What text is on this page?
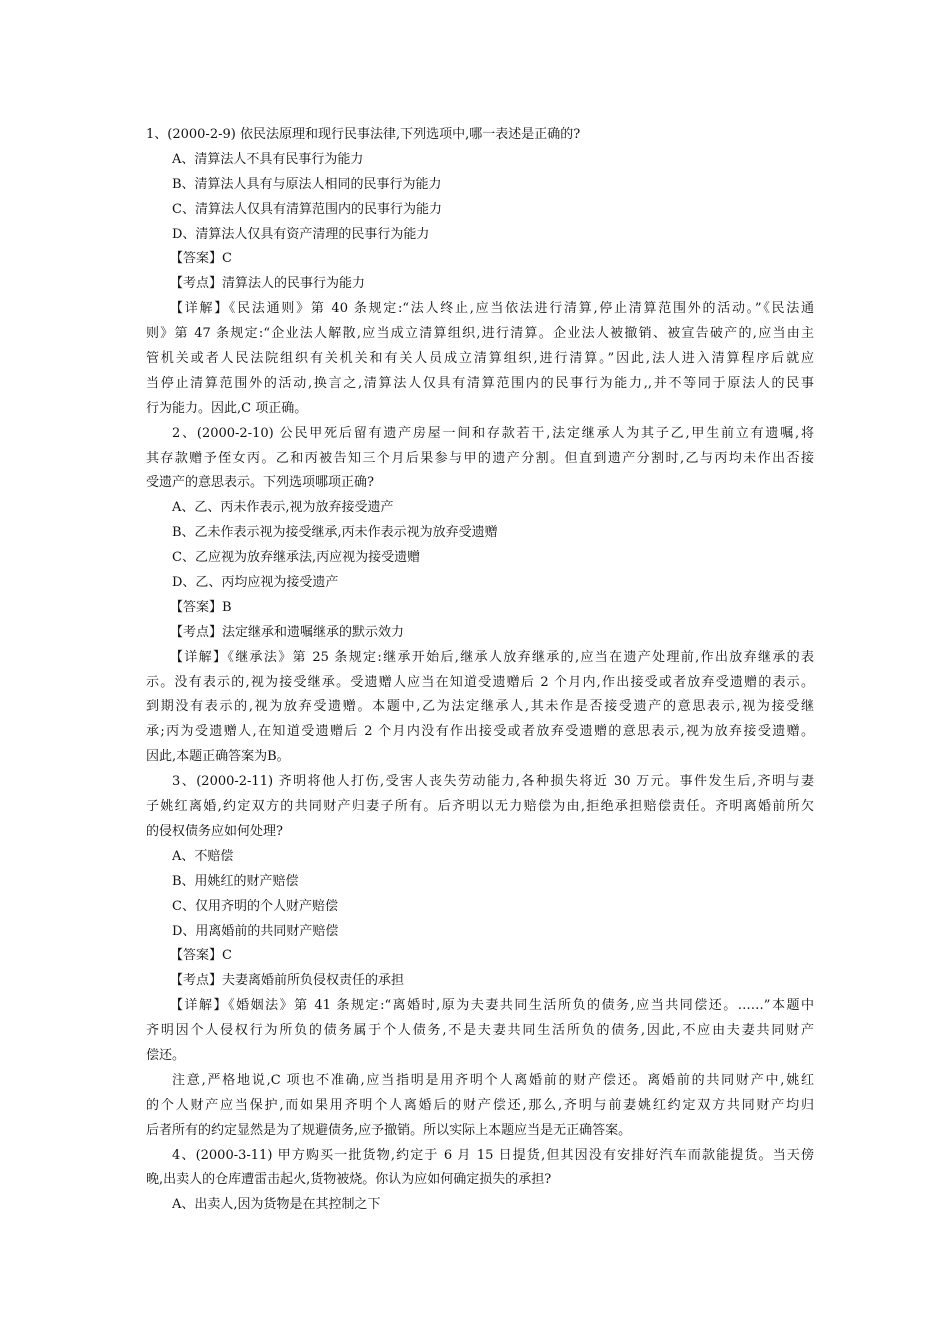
1、(2000-2-9) 依民法原理和现行民事法律,下列选项中,哪一表述是正确的?
A、清算法人不具有民事行为能力
B、清算法人具有与原法人相同的民事行为能力
C、清算法人仅具有清算范围内的民事行为能力
D、清算法人仅具有资产清理的民事行为能力
【答案】C
【考点】清算法人的民事行为能力
【详解】《民法通则》第 40 条规定:“法人终止,应当依法进行清算,停止清算范围外的活动。”《民法通
则》第 47 条规定:“企业法人解散,应当成立清算组织,进行清算。企业法人被撤销、被宣告破产的,应当由主
管机关或者人民法院组织有关机关和有关人员成立清算组织,进行清算。”因此,法人进入清算程序后就应
当停止清算范围外的活动,换言之,清算法人仅具有清算范围内的民事行为能力,,并不等同于原法人的民事
行为能力。因此,C 项正确。
2、(2000-2-10) 公民甲死后留有遗产房屋一间和存款若干,法定继承人为其子乙,甲生前立有遗嘱,将
其存款赠予侄女丙。乙和丙被告知三个月后果参与甲的遗产分割。但直到遗产分割时,乙与丙均未作出否接
受遗产的意思表示。下列选项哪项正确?
A、乙、丙未作表示,视为放弃接受遗产
B、乙未作表示视为接受继承,丙未作表示视为放弃受遗赠
C、乙应视为放弃继承法,丙应视为接受遗赠
D、乙、丙均应视为接受遗产
【答案】B
【考点】法定继承和遗嘱继承的默示效力
【详解】《继承法》第 25 条规定:继承开始后,继承人放弃继承的,应当在遗产处理前,作出放弃继承的表
示。没有表示的,视为接受继承。受遗赠人应当在知道受遗赠后 2 个月内,作出接受或者放弃受遗赠的表示。
到期没有表示的,视为放弃受遗赠。本题中,乙为法定继承人,其未作是否接受遗产的意思表示,视为接受继
承;丙为受遗赠人,在知道受遗赠后 2 个月内没有作出接受或者放弃受遗赠的意思表示,视为放弃接受遗赠。
因此,本题正确答案为B。
3、(2000-2-11) 齐明将他人打伤,受害人丧失劳动能力,各种损失将近 30 万元。事件发生后,齐明与妻
子姚红离婚,约定双方的共同财产归妻子所有。后齐明以无力赔偿为由,拒绝承担赔偿责任。齐明离婚前所欠
的侵权债务应如何处理?
A、不赔偿
B、用姚红的财产赔偿
C、仅用齐明的个人财产赔偿
D、用离婚前的共同财产赔偿
【答案】C
【考点】夫妻离婚前所负侵权责任的承担
【详解】《婚姻法》第 41 条规定:“离婚时,原为夫妻共同生活所负的债务,应当共同偿还。……”本题中
齐明因个人侵权行为所负的债务属于个人债务,不是夫妻共同生活所负的债务,因此,不应由夫妻共同财产
偿还。
注意,严格地说,C 项也不准确,应当指明是用齐明个人离婚前的财产偿还。离婚前的共同财产中,姚红
的个人财产应当保护,而如果用齐明个人离婚后的财产偿还,那么,齐明与前妻姚红约定双方共同财产均归
后者所有的约定显然是为了规避债务,应予撤销。所以实际上本题应当是无正确答案。
4、(2000-3-11) 甲方购买一批货物,约定于 6 月 15 日提货,但其因没有安排好汽车而款能提货。当天傍
晚,出卖人的仓库遭雷击起火,货物被烧。你认为应如何确定损失的承担?
A、出卖人,因为货物是在其控制之下
